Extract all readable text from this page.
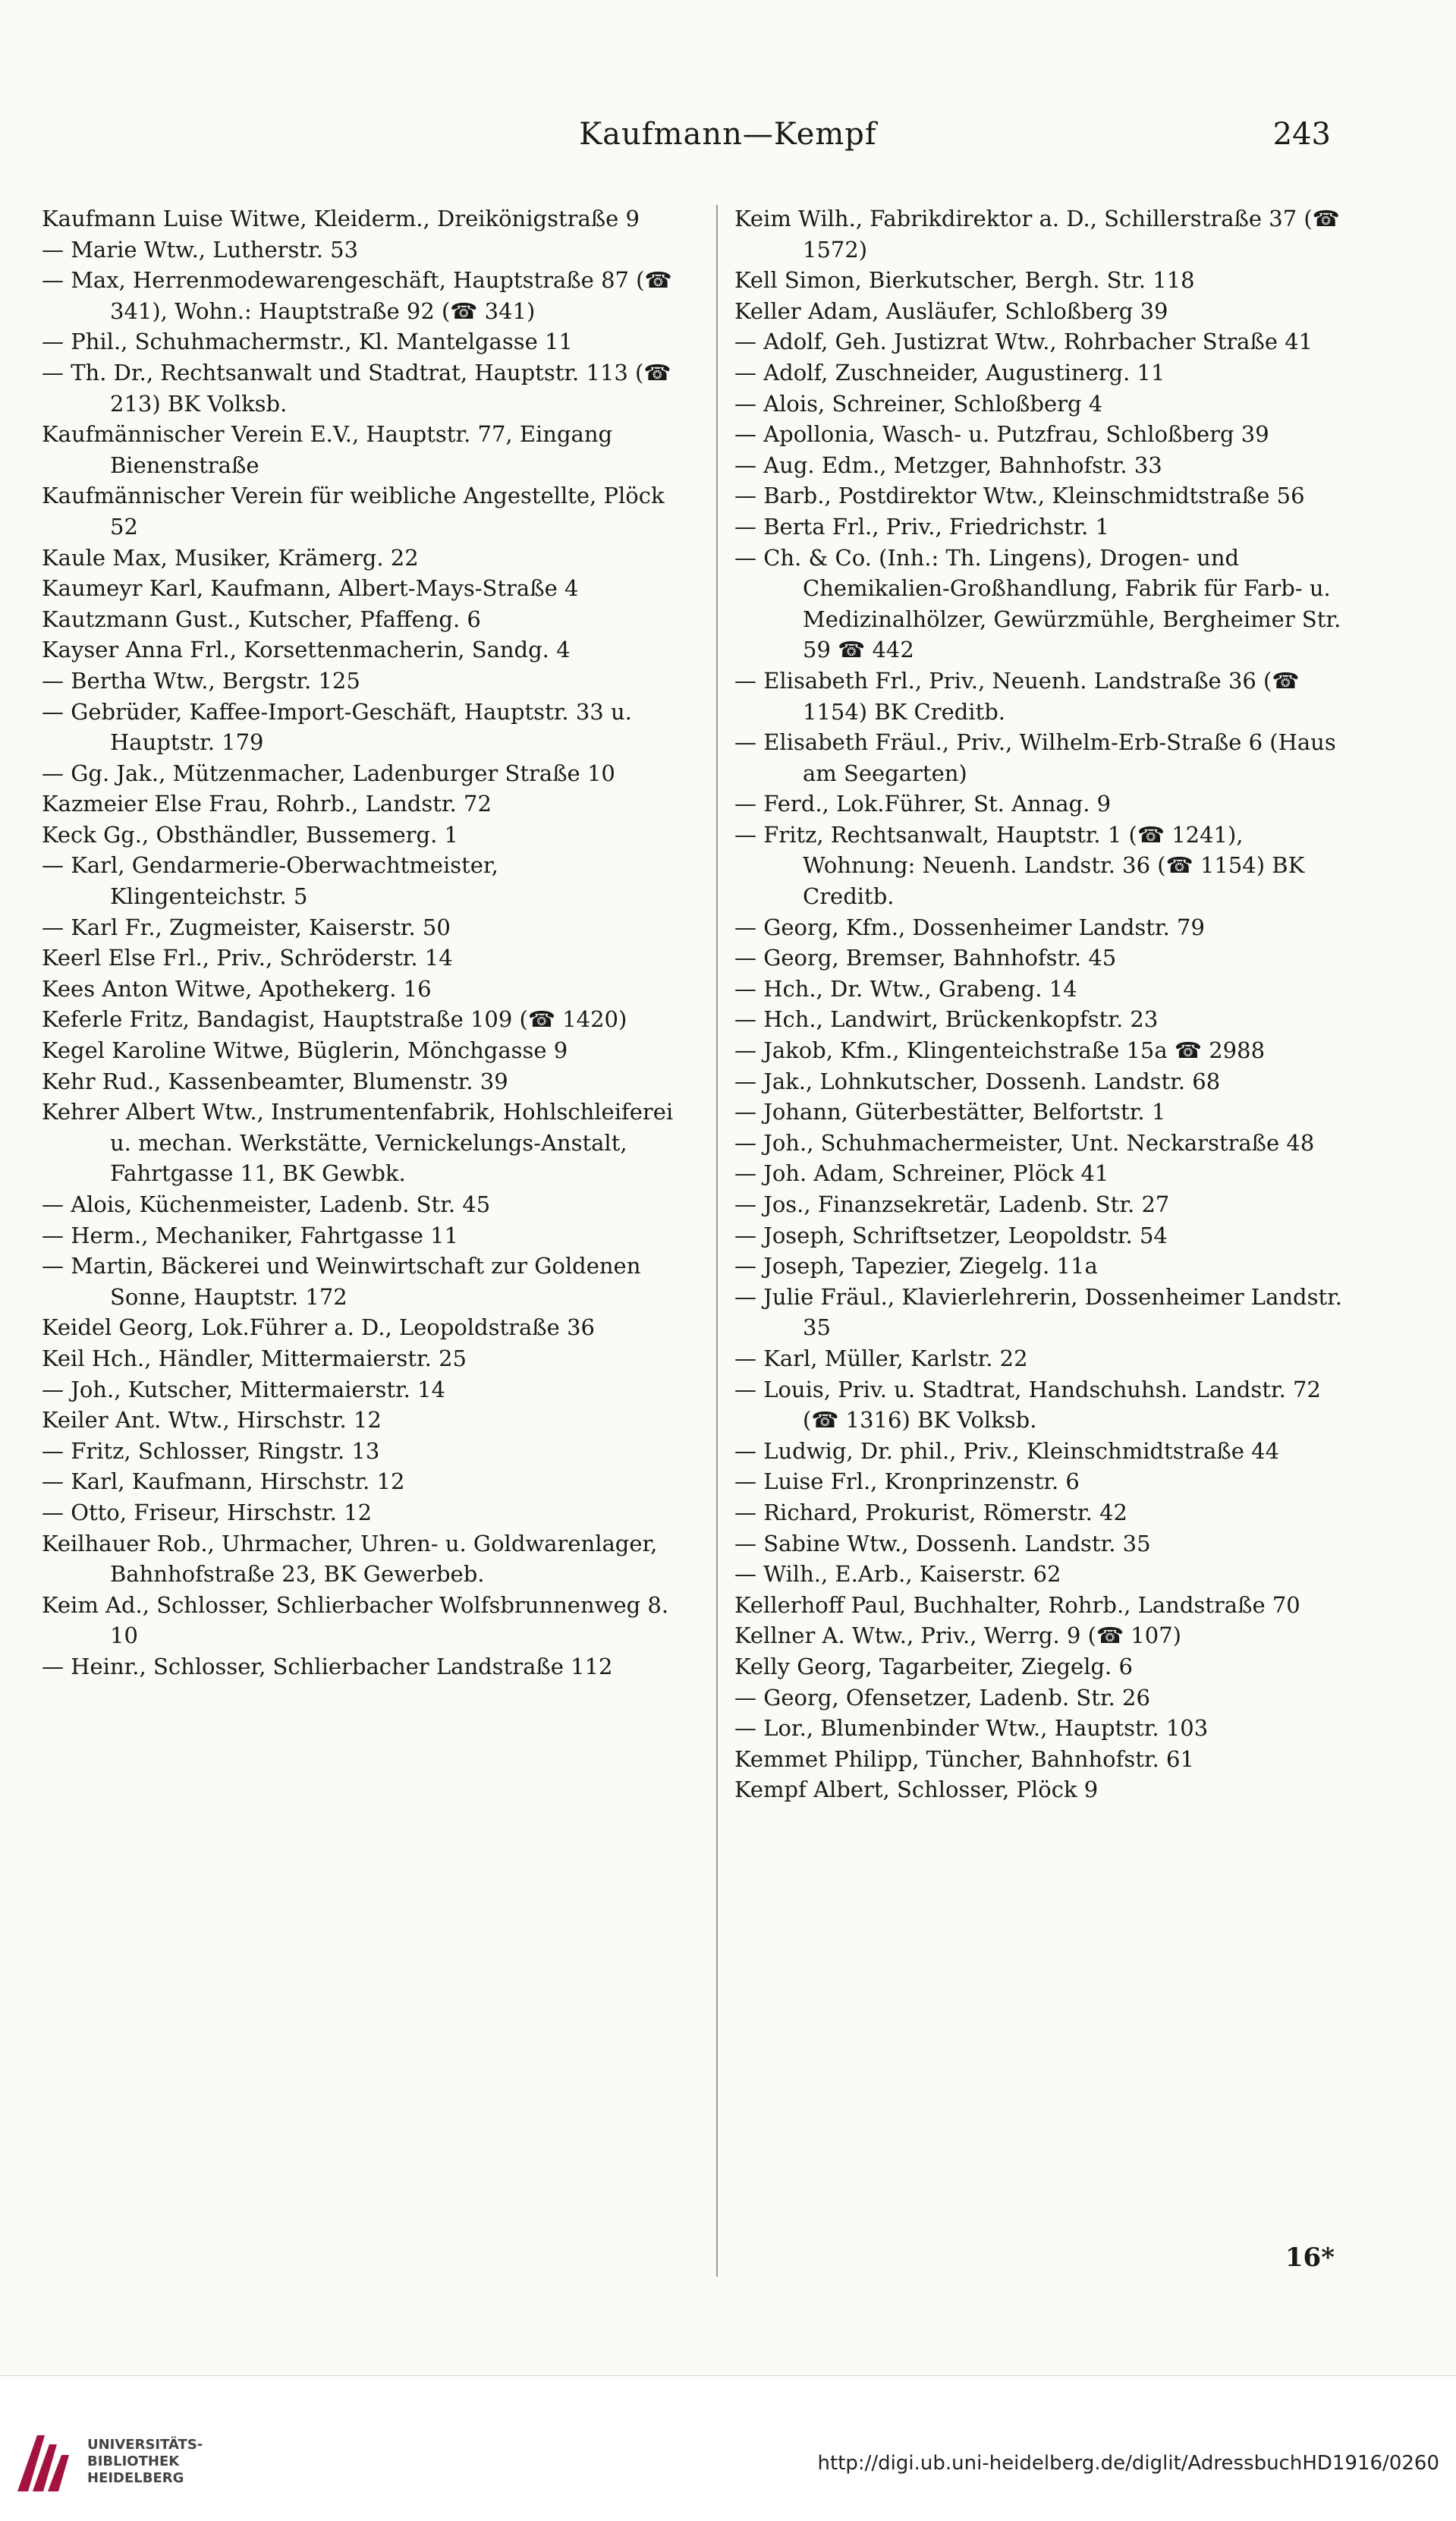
Kaufmann—Kempf	243
Kaufmann Luise Witwe, Kleiderm., Dreikönigstraße 9
— Marie Wtw., Lutherstr. 53
— Max, Herrenmodewarengeschäft, Hauptstraße 87 (☎ 341), Wohn.: Hauptstraße 92 (☎ 341)
— Phil., Schuhmachermstr., Kl. Mantelgasse 11
— Th. Dr., Rechtsanwalt und Stadtrat, Hauptstr. 113 (☎ 213) BK Volksb.
Kaufmännischer Verein E.V., Hauptstr. 77, Eingang Bienenstraße
Kaufmännischer Verein für weibliche Angestellte, Plöck 52
Kaule Max, Musiker, Krämerg. 22
Kaumeyr Karl, Kaufmann, Albert-Mays-Straße 4
Kautzmann Gust., Kutscher, Pfaffeng. 6
Kayser Anna Frl., Korsettenmacherin, Sandg. 4
— Bertha Wtw., Bergstr. 125
— Gebrüder, Kaffee-Import-Geschäft, Hauptstr. 33 u. Hauptstr. 179
— Gg. Jak., Mützenmacher, Ladenburger Straße 10
Kazmeier Else Frau, Rohrb., Landstr. 72
Keck Gg., Obsthändler, Bussemerg. 1
— Karl, Gendarmerie-Oberwachtmeister, Klingenteichstr. 5
— Karl Fr., Zugmeister, Kaiserstr. 50
Keerl Else Frl., Priv., Schröderstr. 14
Kees Anton Witwe, Apothekerg. 16
Keferle Fritz, Bandagist, Hauptstraße 109 (☎ 1420)
Kegel Karoline Witwe, Büglerin, Mönchgasse 9
Kehr Rud., Kassenbeamter, Blumenstr. 39
Kehrer Albert Wtw., Instrumentenfabrik, Hohlschleiferei u. mechan. Werkstätte, Vernickelungs-Anstalt, Fahrtgasse 11, BK Gewbk.
— Alois, Küchenmeister, Ladenb. Str. 45
— Herm., Mechaniker, Fahrtgasse 11
— Martin, Bäckerei und Weinwirtschaft zur Goldenen Sonne, Hauptstr. 172
Keidel Georg, Lok.Führer a. D., Leopoldstraße 36
Keil Hch., Händler, Mittermaierstr. 25
— Joh., Kutscher, Mittermaierstr. 14
Keiler Ant. Wtw., Hirschstr. 12
— Fritz, Schlosser, Ringstr. 13
— Karl, Kaufmann, Hirschstr. 12
— Otto, Friseur, Hirschstr. 12
Keilhauer Rob., Uhrmacher, Uhren- u. Goldwarenlager, Bahnhofstraße 23, BK Gewerbeb.
Keim Ad., Schlosser, Schlierbacher Wolfsbrunnenweg 8. 10
— Heinr., Schlosser, Schlierbacher Landstraße 112
Keim Wilh., Fabrikdirektor a. D., Schillerstraße 37 (☎ 1572)
Kell Simon, Bierkutscher, Bergh. Str. 118
Keller Adam, Ausläufer, Schloßberg 39
— Adolf, Geh. Justizrat Wtw., Rohrbacher Straße 41
— Adolf, Zuschneider, Augustinerg. 11
— Alois, Schreiner, Schloßberg 4
— Apollonia, Wasch- u. Putzfrau, Schloßberg 39
— Aug. Edm., Metzger, Bahnhofstr. 33
— Barb., Postdirektor Wtw., Kleinschmidtstraße 56
— Berta Frl., Priv., Friedrichstr. 1
— Ch. & Co. (Inh.: Th. Lingens), Drogen- und Chemikalien-Großhandlung, Fabrik für Farb- u. Medizinalhölzer, Gewürzmühle, Bergheimer Str. 59 ☎ 442
— Elisabeth Frl., Priv., Neuenh. Landstraße 36 (☎ 1154) BK Creditb.
— Elisabeth Fräul., Priv., Wilhelm-Erb-Straße 6 (Haus am Seegarten)
— Ferd., Lok.Führer, St. Annag. 9
— Fritz, Rechtsanwalt, Hauptstr. 1 (☎ 1241), Wohnung: Neuenh. Landstr. 36 (☎ 1154) BK Creditb.
— Georg, Kfm., Dossenheimer Landstr. 79
— Georg, Bremser, Bahnhofstr. 45
— Hch., Dr. Wtw., Grabeng. 14
— Hch., Landwirt, Brückenkopfstr. 23
— Jakob, Kfm., Klingenteichstraße 15a ☎ 2988
— Jak., Lohnkutscher, Dossenh. Landstr. 68
— Johann, Güterbestätter, Belfortstr. 1
— Joh., Schuhmachermeister, Unt. Neckarstraße 48
— Joh. Adam, Schreiner, Plöck 41
— Jos., Finanzsekretär, Ladenb. Str. 27
— Joseph, Schriftsetzer, Leopoldstr. 54
— Joseph, Tapezier, Ziegelg. 11a
— Julie Fräul., Klavierlehrerin, Dossenheimer Landstr. 35
— Karl, Müller, Karlstr. 22
— Louis, Priv. u. Stadtrat, Handschuhsh. Landstr. 72 (☎ 1316) BK Volksb.
— Ludwig, Dr. phil., Priv., Kleinschmidtstraße 44
— Luise Frl., Kronprinzenstr. 6
— Richard, Prokurist, Römerstr. 42
— Sabine Wtw., Dossenh. Landstr. 35
— Wilh., E.Arb., Kaiserstr. 62
Kellerhoff Paul, Buchhalter, Rohrb., Landstraße 70
Kellner A. Wtw., Priv., Werrg. 9 (☎ 107)
Kelly Georg, Tagarbeiter, Ziegelg. 6
— Georg, Ofensetzer, Ladenb. Str. 26
— Lor., Blumenbinder Wtw., Hauptstr. 103
Kemmet Philipp, Tüncher, Bahnhofstr. 61
Kempf Albert, Schlosser, Plöck 9
16*
UNIVERSITÄTS-
BIBLIOTHEK
HEIDELBERG
http://digi.ub.uni-heidelberg.de/diglit/AdressbuchHD1916/0260
